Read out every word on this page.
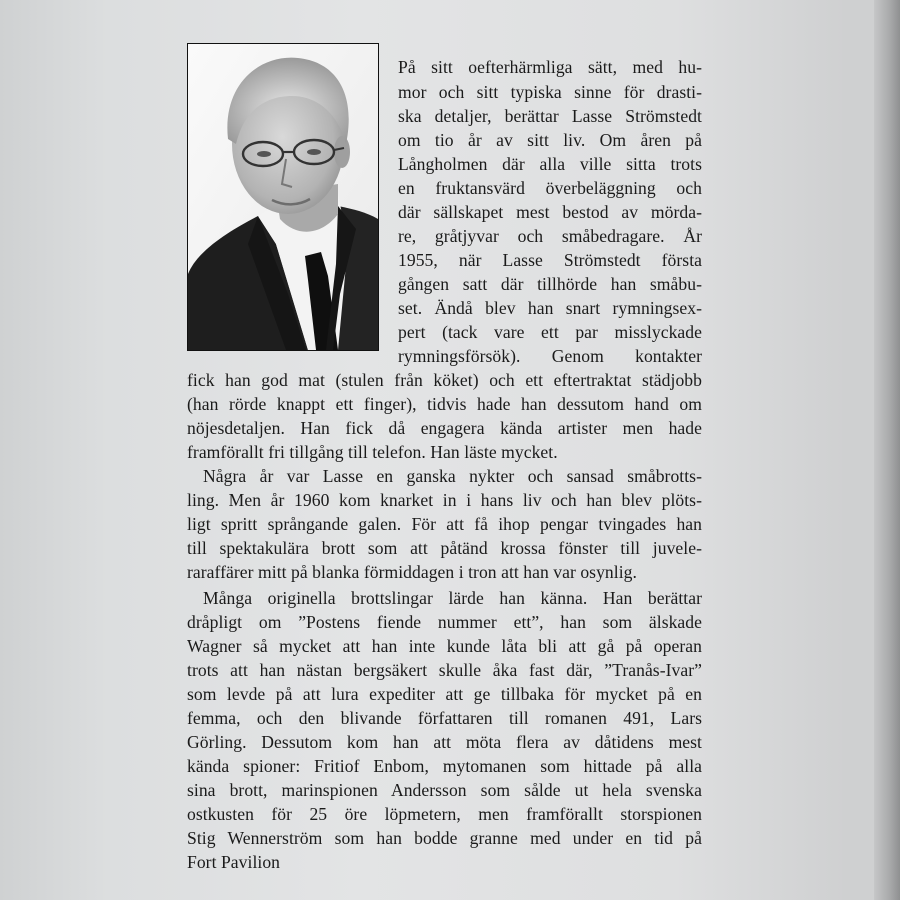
På sitt oefterhärmliga sätt, med hu-
mor och sitt typiska sinne för drasti-
ska detaljer, berättar Lasse Strömstedt
om tio år av sitt liv. Om åren på
Långholmen där alla ville sitta trots
en fruktansvärd överbeläggning och
där sällskapet mest bestod av mörda-
re, gråtjyvar och småbedragare. År
1955, när Lasse Strömstedt första
gången satt där tillhörde han småbu-
set. Ändå blev han snart rymningsex-
pert (tack vare ett par misslyckade
rymningsförsök). Genom kontakter
fick han god mat (stulen från köket) och ett eftertraktat städjobb
(han rörde knappt ett finger), tidvis hade han dessutom hand om
nöjesdetaljen. Han fick då engagera kända artister men hade
framförallt fri tillgång till telefon. Han läste mycket.
Några år var Lasse en ganska nykter och sansad småbrotts-
ling. Men år 1960 kom knarket in i hans liv och han blev plöts-
ligt spritt språngande galen. För att få ihop pengar tvingades han
till spektakulära brott som att påtänd krossa fönster till juvele-
raraffärer mitt på blanka förmiddagen i tron att han var osynlig.
Många originella brottslingar lärde han känna. Han berättar
dråpligt om ”Postens fiende nummer ett”, han som älskade
Wagner så mycket att han inte kunde låta bli att gå på operan
trots att han nästan bergsäkert skulle åka fast där, ”Tranås-Ivar”
som levde på att lura expediter att ge tillbaka för mycket på en
femma, och den blivande författaren till romanen 491, Lars
Görling. Dessutom kom han att möta flera av dåtidens mest
kända spioner: Fritiof Enbom, mytomanen som hittade på alla
sina brott, marinspionen Andersson som sålde ut hela svenska
ostkusten för 25 öre löpmetern, men framförallt storspionen
Stig Wennerström som han bodde granne med under en tid på
Fort Pavilion
